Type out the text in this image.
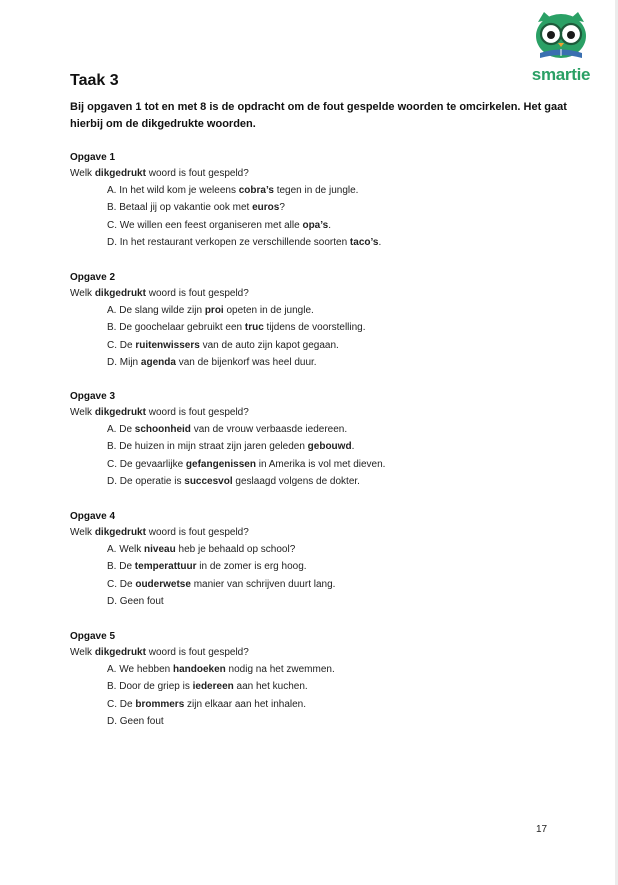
smartie
Taak 3
Bij opgaven 1 tot en met 8 is de opdracht om de fout gespelde woorden te omcirkelen. Het gaat hierbij om de dikgedrukte woorden.
Opgave 1
Welk dikgedrukt woord is fout gespeld?
A. In het wild kom je weleens cobra’s tegen in de jungle.
B. Betaal jij op vakantie ook met euros?
C. We willen een feest organiseren met alle opa’s.
D. In het restaurant verkopen ze verschillende soorten taco’s.
Opgave 2
Welk dikgedrukt woord is fout gespeld?
A. De slang wilde zijn proi opeten in de jungle.
B. De goochelaar gebruikt een truc tijdens de voorstelling.
C. De ruitenwissers van de auto zijn kapot gegaan.
D. Mijn agenda van de bijenkorf was heel duur.
Opgave 3
Welk dikgedrukt woord is fout gespeld?
A. De schoonheid van de vrouw verbaasde iedereen.
B. De huizen in mijn straat zijn jaren geleden gebouwd.
C. De gevaarlijke gefangenissen in Amerika is vol met dieven.
D. De operatie is succesvol geslaagd volgens de dokter.
Opgave 4
Welk dikgedrukt woord is fout gespeld?
A. Welk niveau heb je behaald op school?
B. De temperattuur in de zomer is erg hoog.
C. De ouderwetse manier van schrijven duurt lang.
D. Geen fout
Opgave 5
Welk dikgedrukt woord is fout gespeld?
A. We hebben handoeken nodig na het zwemmen.
B. Door de griep is iedereen aan het kuchen.
C. De brommers zijn elkaar aan het inhalen.
D. Geen fout
17
